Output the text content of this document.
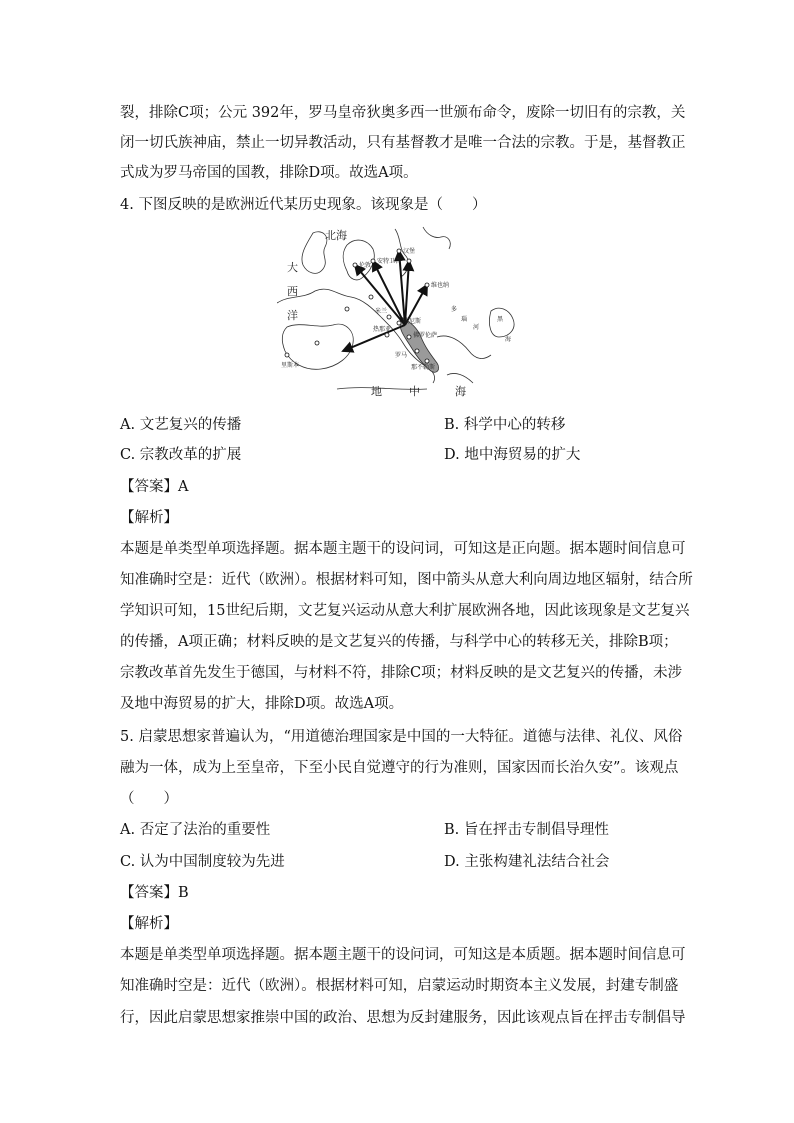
裂，排除C项；公元 392年，罗马皇帝狄奥多西一世颁布命令，废除一切旧有的宗教，关
闭一切氏族神庙，禁止一切异教活动，只有基督教才是唯一合法的宗教。于是，基督教正
式成为罗马帝国的国教，排除D项。故选A项。
4. 下图反映的是欧洲近代某历史现象。该现象是（　　）
北海
大
西
洋
地 中	海
多
瑙
河
黑
海
伦敦
汉堡
安特卫普
维也纳
米兰
威尼斯
佛罗伦萨
罗马
那不勒斯
里斯本
热那亚
A. 文艺复兴的传播	B. 科学中心的转移
C. 宗教改革的扩展	D. 地中海贸易的扩大
【答案】A
【解析】
本题是单类型单项选择题。据本题主题干的设问词，可知这是正向题。据本题时间信息可
知准确时空是：近代（欧洲）。根据材料可知，图中箭头从意大利向周边地区辐射，结合所
学知识可知，15世纪后期，文艺复兴运动从意大利扩展欧洲各地，因此该现象是文艺复兴
的传播，A项正确；材料反映的是文艺复兴的传播，与科学中心的转移无关，排除B项；
宗教改革首先发生于德国，与材料不符，排除C项；材料反映的是文艺复兴的传播，未涉
及地中海贸易的扩大，排除D项。故选A项。
5. 启蒙思想家普遍认为，“用道德治理国家是中国的一大特征。道德与法律、礼仪、风俗
融为一体，成为上至皇帝，下至小民自觉遵守的行为准则，国家因而长治久安”。该观点
（　　）
A. 否定了法治的重要性	B. 旨在抨击专制倡导理性
C. 认为中国制度较为先进	D. 主张构建礼法结合社会
【答案】B
【解析】
本题是单类型单项选择题。据本题主题干的设问词，可知这是本质题。据本题时间信息可
知准确时空是：近代（欧洲）。根据材料可知，启蒙运动时期资本主义发展，封建专制盛
行，因此启蒙思想家推崇中国的政治、思想为反封建服务，因此该观点旨在抨击专制倡导
